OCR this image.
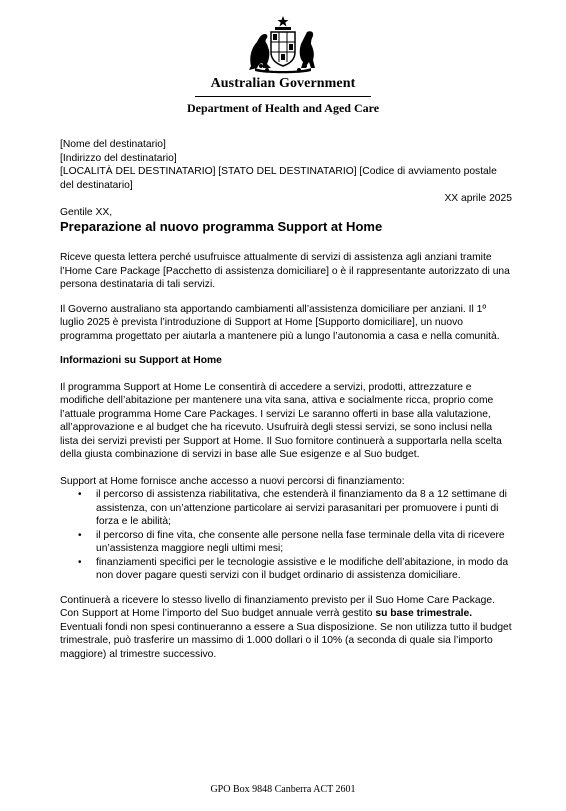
Australian Government
Department of Health and Aged Care

[Nome del destinatario]

[Indirizzo del destinatario]

[LOCALITÀ DEL DESTINATARIO] [STATO DEL DESTINATARIO] [Codice di avviamento postale del destinatario]

XX aprile 2025

Gentile XX,

Preparazione al nuovo programma Support at Home

Riceve questa lettera perché usufruisce attualmente di servizi di assistenza agli anziani tramite l’Home Care Package [Pacchetto di assistenza domiciliare] o è il rappresentante autorizzato di una persona destinataria di tali servizi.

Il Governo australiano sta apportando cambiamenti all’assistenza domiciliare per anziani. Il 1º luglio 2025 è prevista l’introduzione di Support at Home [Supporto domiciliare], un nuovo programma progettato per aiutarla a mantenere più a lungo l’autonomia a casa e nella comunità.

Informazioni su Support at Home

Il programma Support at Home Le consentirà di accedere a servizi, prodotti, attrezzature e modifiche dell’abitazione per mantenere una vita sana, attiva e socialmente ricca, proprio come l’attuale programma Home Care Packages. I servizi Le saranno offerti in base alla valutazione, all’approvazione e al budget che ha ricevuto. Usufruirà degli stessi servizi, se sono inclusi nella lista dei servizi previsti per Support at Home. Il Suo fornitore continuerà a supportarla nella scelta della giusta combinazione di servizi in base alle Sue esigenze e al Suo budget.

Support at Home fornisce anche accesso a nuovi percorsi di finanziamento:

• il percorso di assistenza riabilitativa, che estenderà il finanziamento da 8 a 12 settimane di assistenza, con un’attenzione particolare ai servizi parasanitari per promuovere i punti di forza e le abilità;
• il percorso di fine vita, che consente alle persone nella fase terminale della vita di ricevere un’assistenza maggiore negli ultimi mesi;
• finanziamenti specifici per le tecnologie assistive e le modifiche dell’abitazione, in modo da non dover pagare questi servizi con il budget ordinario di assistenza domiciliare.

Continuerà a ricevere lo stesso livello di finanziamento previsto per il Suo Home Care Package. Con Support at Home l’importo del Suo budget annuale verrà gestito su base trimestrale. Eventuali fondi non spesi continueranno a essere a Sua disposizione. Se non utilizza tutto il budget trimestrale, può trasferire un massimo di 1.000 dollari o il 10% (a seconda di quale sia l’importo maggiore) al trimestre successivo.

GPO Box 9848 Canberra ACT 2601
